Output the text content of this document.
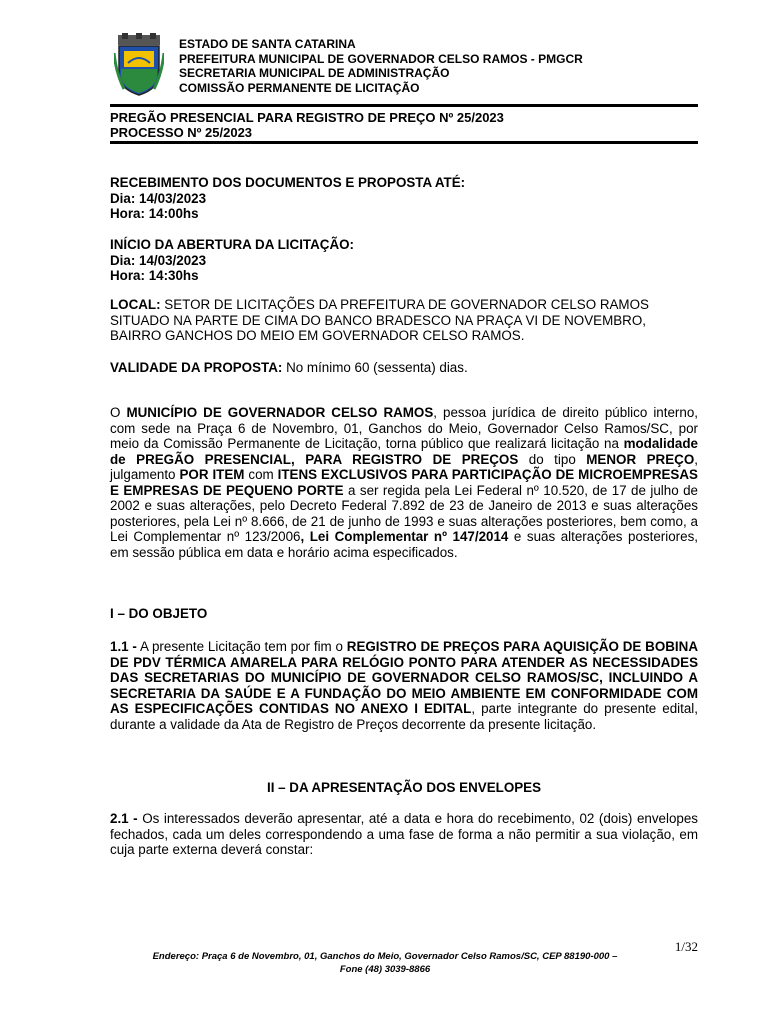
ESTADO DE SANTA CATARINA
PREFEITURA MUNICIPAL DE GOVERNADOR CELSO RAMOS - PMGCR
SECRETARIA MUNICIPAL DE ADMINISTRAÇÃO
COMISSÃO PERMANENTE DE LICITAÇÃO
PREGÃO PRESENCIAL PARA REGISTRO DE PREÇO Nº 25/2023
PROCESSO Nº 25/2023
RECEBIMENTO DOS DOCUMENTOS E PROPOSTA ATÉ:
Dia: 14/03/2023
Hora: 14:00hs
INÍCIO DA ABERTURA DA LICITAÇÃO:
Dia: 14/03/2023
Hora: 14:30hs
LOCAL: SETOR DE LICITAÇÕES DA PREFEITURA DE GOVERNADOR CELSO RAMOS SITUADO NA PARTE DE CIMA DO BANCO BRADESCO NA PRAÇA VI DE NOVEMBRO, BAIRRO GANCHOS DO MEIO EM GOVERNADOR CELSO RAMOS.
VALIDADE DA PROPOSTA: No mínimo 60 (sessenta) dias.
O MUNICÍPIO DE GOVERNADOR CELSO RAMOS, pessoa jurídica de direito público interno, com sede na Praça 6 de Novembro, 01, Ganchos do Meio, Governador Celso Ramos/SC, por meio da Comissão Permanente de Licitação, torna público que realizará licitação na modalidade de PREGÃO PRESENCIAL, PARA REGISTRO DE PREÇOS do tipo MENOR PREÇO, julgamento POR ITEM com ITENS EXCLUSIVOS PARA PARTICIPAÇÃO DE MICROEMPRESAS E EMPRESAS DE PEQUENO PORTE a ser regida pela Lei Federal nº 10.520, de 17 de julho de 2002 e suas alterações, pelo Decreto Federal 7.892 de 23 de Janeiro de 2013 e suas alterações posteriores, pela Lei nº 8.666, de 21 de junho de 1993 e suas alterações posteriores, bem como, a Lei Complementar nº 123/2006, Lei Complementar nº 147/2014 e suas alterações posteriores, em sessão pública em data e horário acima especificados.
I – DO OBJETO
1.1 - A presente Licitação tem por fim o REGISTRO DE PREÇOS PARA AQUISIÇÃO DE BOBINA DE PDV TÉRMICA AMARELA PARA RELÓGIO PONTO PARA ATENDER AS NECESSIDADES DAS SECRETARIAS DO MUNICÍPIO DE GOVERNADOR CELSO RAMOS/SC, INCLUINDO A SECRETARIA DA SAÚDE E A FUNDAÇÃO DO MEIO AMBIENTE EM CONFORMIDADE COM AS ESPECIFICAÇÕES CONTIDAS NO ANEXO I EDITAL, parte integrante do presente edital, durante a validade da Ata de Registro de Preços decorrente da presente licitação.
II – DA APRESENTAÇÃO DOS ENVELOPES
2.1 - Os interessados deverão apresentar, até a data e hora do recebimento, 02 (dois) envelopes fechados, cada um deles correspondendo a uma fase de forma a não permitir a sua violação, em cuja parte externa deverá constar:
1/32
Endereço: Praça 6 de Novembro, 01, Ganchos do Meio, Governador Celso Ramos/SC, CEP 88190-000 –
Fone (48) 3039-8866
